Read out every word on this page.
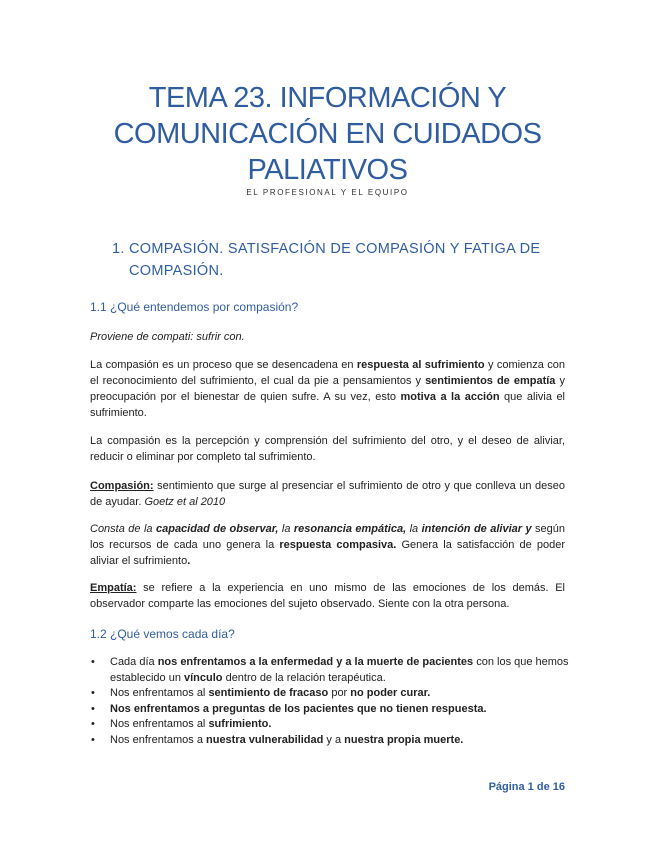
TEMA 23. INFORMACIÓN Y
COMUNICACIÓN EN CUIDADOS
PALIATIVOS
EL PROFESIONAL Y EL EQUIPO
1. COMPASIÓN. SATISFACIÓN DE COMPASIÓN Y FATIGA DE COMPASIÓN.
1.1 ¿Qué entendemos por compasión?
Proviene de compati: sufrir con.
La compasión es un proceso que se desencadena en respuesta al sufrimiento y comienza con el reconocimiento del sufrimiento, el cual da pie a pensamientos y sentimientos de empatía y preocupación por el bienestar de quien sufre. A su vez, esto motiva a la acción que alivia el sufrimiento.
La compasión es la percepción y comprensión del sufrimiento del otro, y el deseo de aliviar, reducir o eliminar por completo tal sufrimiento.
Compasión: sentimiento que surge al presenciar el sufrimiento de otro y que conlleva un deseo de ayudar. Goetz et al 2010
Consta de la capacidad de observar, la resonancia empática, la intención de aliviar y según los recursos de cada uno genera la respuesta compasiva. Genera la satisfacción de poder aliviar el sufrimiento.
Empatía: se refiere a la experiencia en uno mismo de las emociones de los demás. El observador comparte las emociones del sujeto observado. Siente con la otra persona.
1.2 ¿Qué vemos cada día?
• Cada día nos enfrentamos a la enfermedad y a la muerte de pacientes con los que hemos establecido un vínculo dentro de la relación terapéutica.
• Nos enfrentamos al sentimiento de fracaso por no poder curar.
• Nos enfrentamos a preguntas de los pacientes que no tienen respuesta.
• Nos enfrentamos al sufrimiento.
• Nos enfrentamos a nuestra vulnerabilidad y a nuestra propia muerte.
Página 1 de 16
